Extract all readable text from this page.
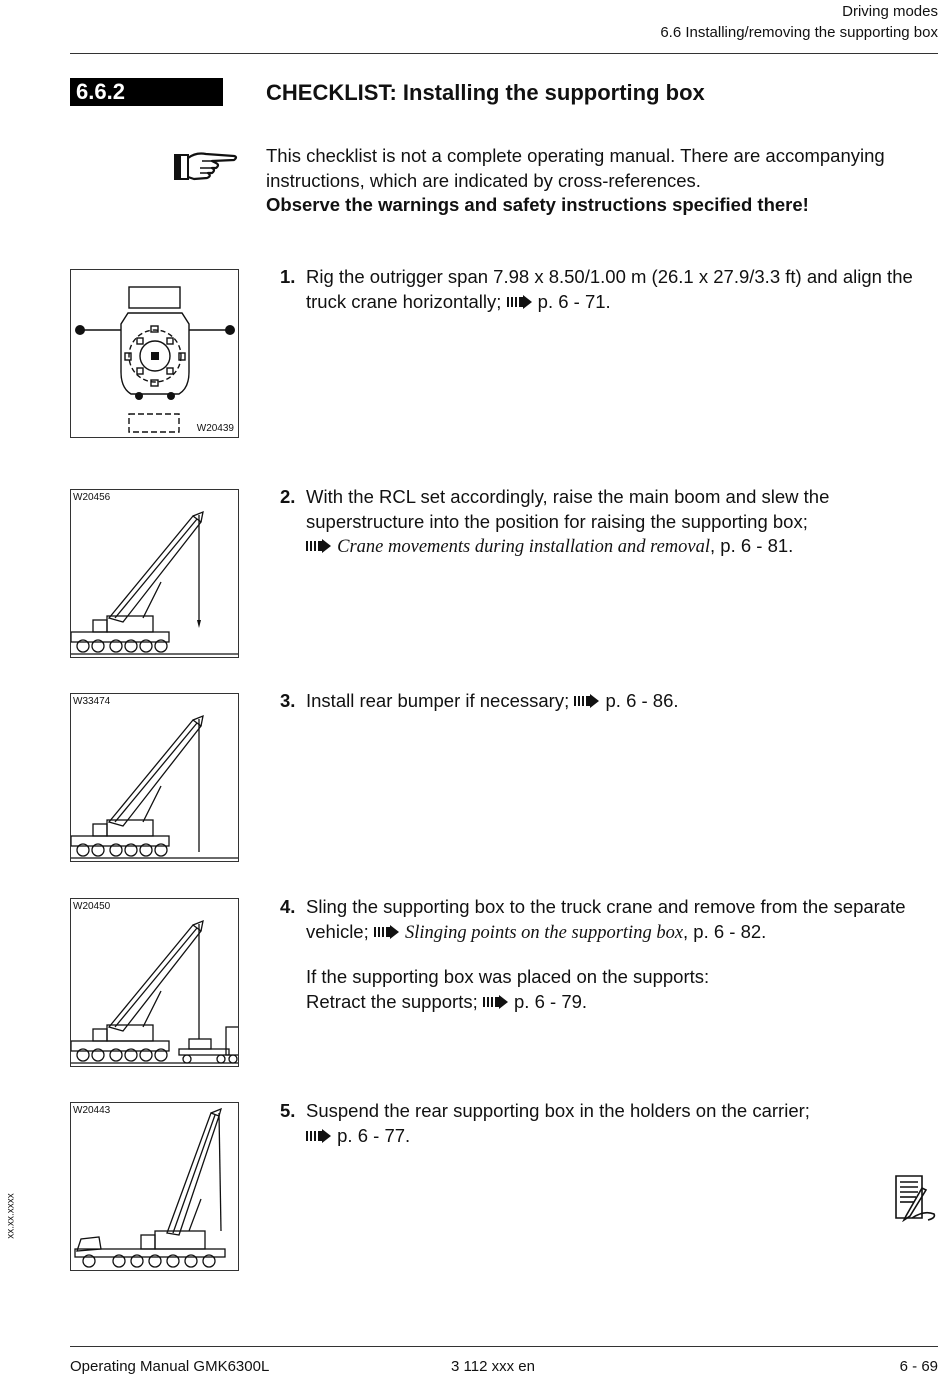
Driving modes
6.6 Installing/removing the supporting box
6.6.2	CHECKLIST: Installing the supporting box
This checklist is not a complete operating manual. There are accompanying instructions, which are indicated by cross-references.
Observe the warnings and safety instructions specified there!
W20439
1. Rig the outrigger span 7.98 x 8.50/1.00 m (26.1 x 27.9/3.3 ft) and align the truck crane horizontally; p. 6 - 71.
W20456	2. With the RCL set accordingly, raise the main boom and slew the superstructure into the position for raising the supporting box;
Crane movements during installation and removal, p. 6 - 81.
W33474	3. Install rear bumper if necessary; p. 6 - 86.
W20450	4. Sling the supporting box to the truck crane and remove from the separate vehicle; Slinging points on the supporting box, p. 6 - 82.
If the supporting box was placed on the supports:
Retract the supports; p. 6 - 79.
W20443	5. Suspend the rear supporting box in the holders on the carrier;
p. 6 - 77.
xx.xx.xxxx
Operating Manual GMK6300L	3 112 xxx en	6 - 69
